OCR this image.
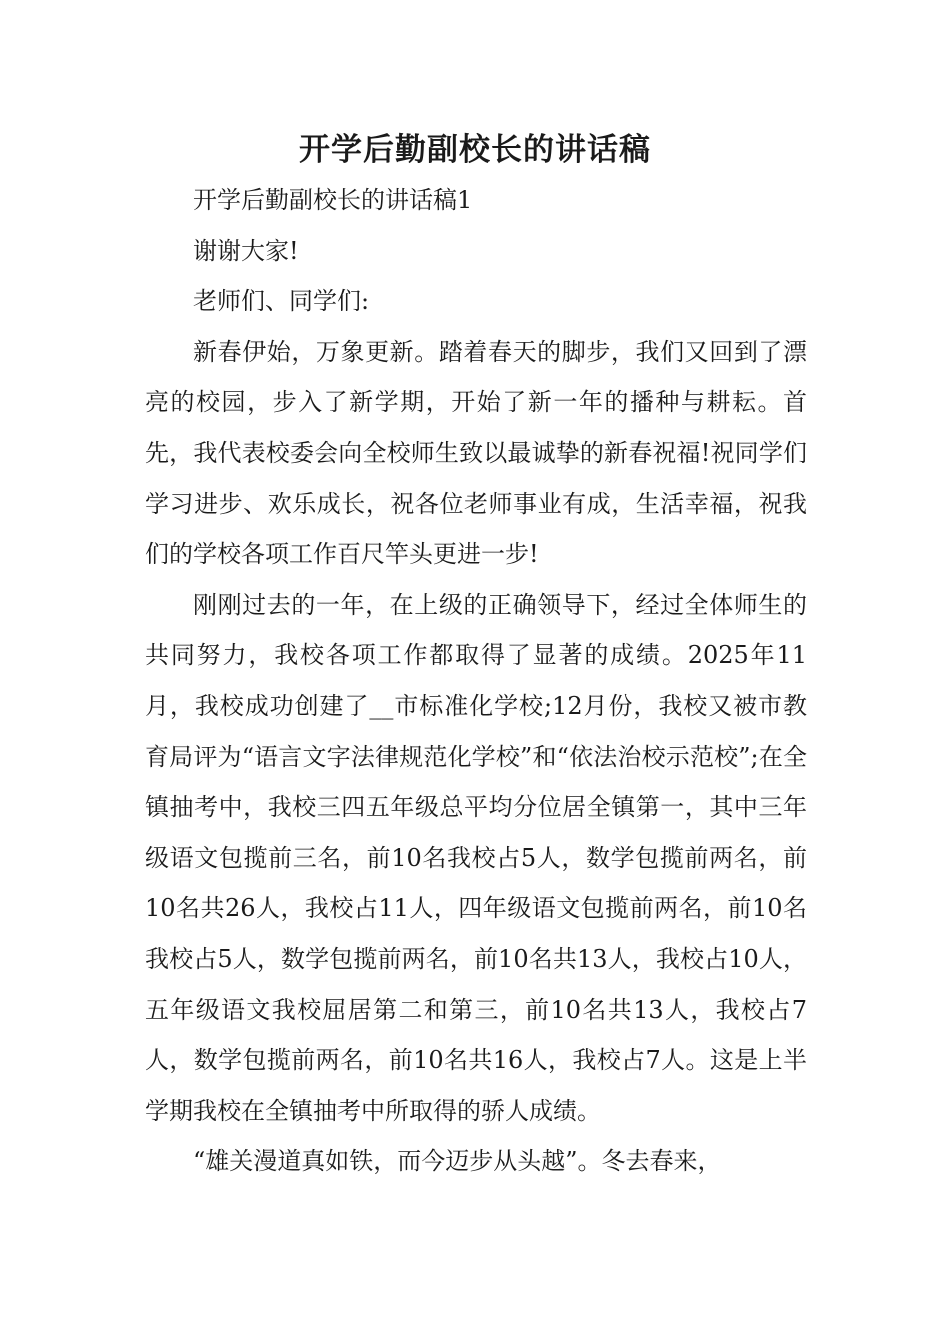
开学后勤副校长的讲话稿

开学后勤副校长的讲话稿1

谢谢大家!

老师们、同学们:

新春伊始，万象更新。踏着春天的脚步，我们又回到了漂亮的校园，步入了新学期，开始了新一年的播种与耕耘。首先，我代表校委会向全校师生致以最诚挚的新春祝福!祝同学们学习进步、欢乐成长，祝各位老师事业有成，生活幸福，祝我们的学校各项工作百尺竿头更进一步!

刚刚过去的一年，在上级的正确领导下，经过全体师生的共同努力，我校各项工作都取得了显著的成绩。2025年11月，我校成功创建了__市标准化学校;12月份，我校又被市教育局评为“语言文字法律规范化学校”和“依法治校示范校”;在全镇抽考中，我校三四五年级总平均分位居全镇第一，其中三年级语文包揽前三名，前10名我校占5人，数学包揽前两名，前10名共26人，我校占11人，四年级语文包揽前两名，前10名我校占5人，数学包揽前两名，前10名共13人，我校占10人，五年级语文我校屈居第二和第三，前10名共13人，我校占7人，数学包揽前两名，前10名共16人，我校占7人。这是上半学期我校在全镇抽考中所取得的骄人成绩。

“雄关漫道真如铁，而今迈步从头越”。冬去春来，
